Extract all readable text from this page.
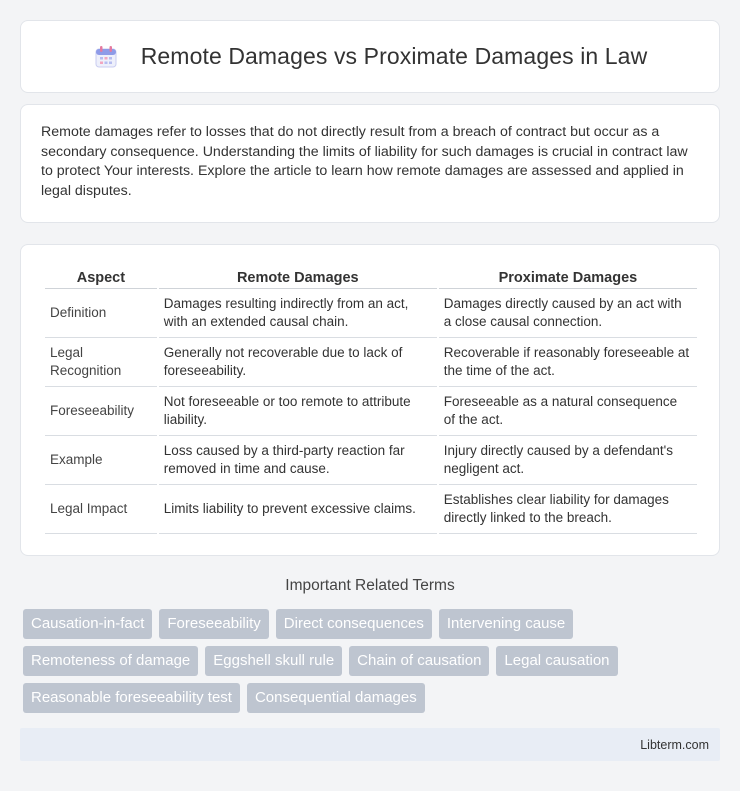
Remote Damages vs Proximate Damages in Law

Remote damages refer to losses that do not directly result from a breach of contract but occur as a secondary consequence. Understanding the limits of liability for such damages is crucial in contract law to protect Your interests. Explore the article to learn how remote damages are assessed and applied in legal disputes.

Aspect	Remote Damages	Proximate Damages
Definition	Damages resulting indirectly from an act, with an extended causal chain.	Damages directly caused by an act with a close causal connection.
Legal Recognition	Generally not recoverable due to lack of foreseeability.	Recoverable if reasonably foreseeable at the time of the act.
Foreseeability	Not foreseeable or too remote to attribute liability.	Foreseeable as a natural consequence of the act.
Example	Loss caused by a third-party reaction far removed in time and cause.	Injury directly caused by a defendant's negligent act.
Legal Impact	Limits liability to prevent excessive claims.	Establishes clear liability for damages directly linked to the breach.
Important Related Terms
Causation-in-fact	Foreseeability	Direct consequences	Intervening cause
Remoteness of damage	Eggshell skull rule	Chain of causation	Legal causation
Reasonable foreseeability test	Consequential damages
Libterm.com
